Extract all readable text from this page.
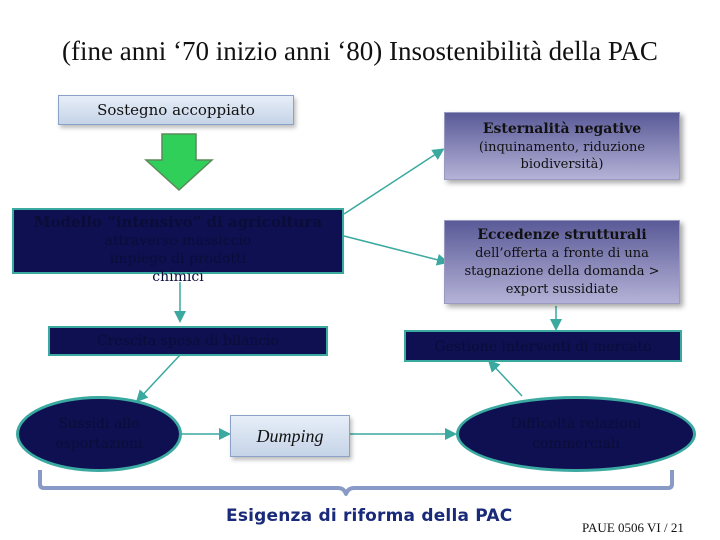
(fine anni ‘70 inizio anni ‘80) Insostenibilità della PAC
Sostegno accoppiato
Esternalità negative
(inquinamento, riduzione biodiversità)
Modello “intensivo” di agricoltura
attraverso massiccio impiego di prodotti chimici
Eccedenze strutturali
dell’offerta a fronte di una stagnazione della domanda > export sussidiate
Crescita spesa di bilancio	Gestione interventi di mercato
Sussidi alle esportazioni	Dumping
Difficoltà relazioni commerciali
Esigenza di riforma della PAC
PAUE 0506 VI / 21
